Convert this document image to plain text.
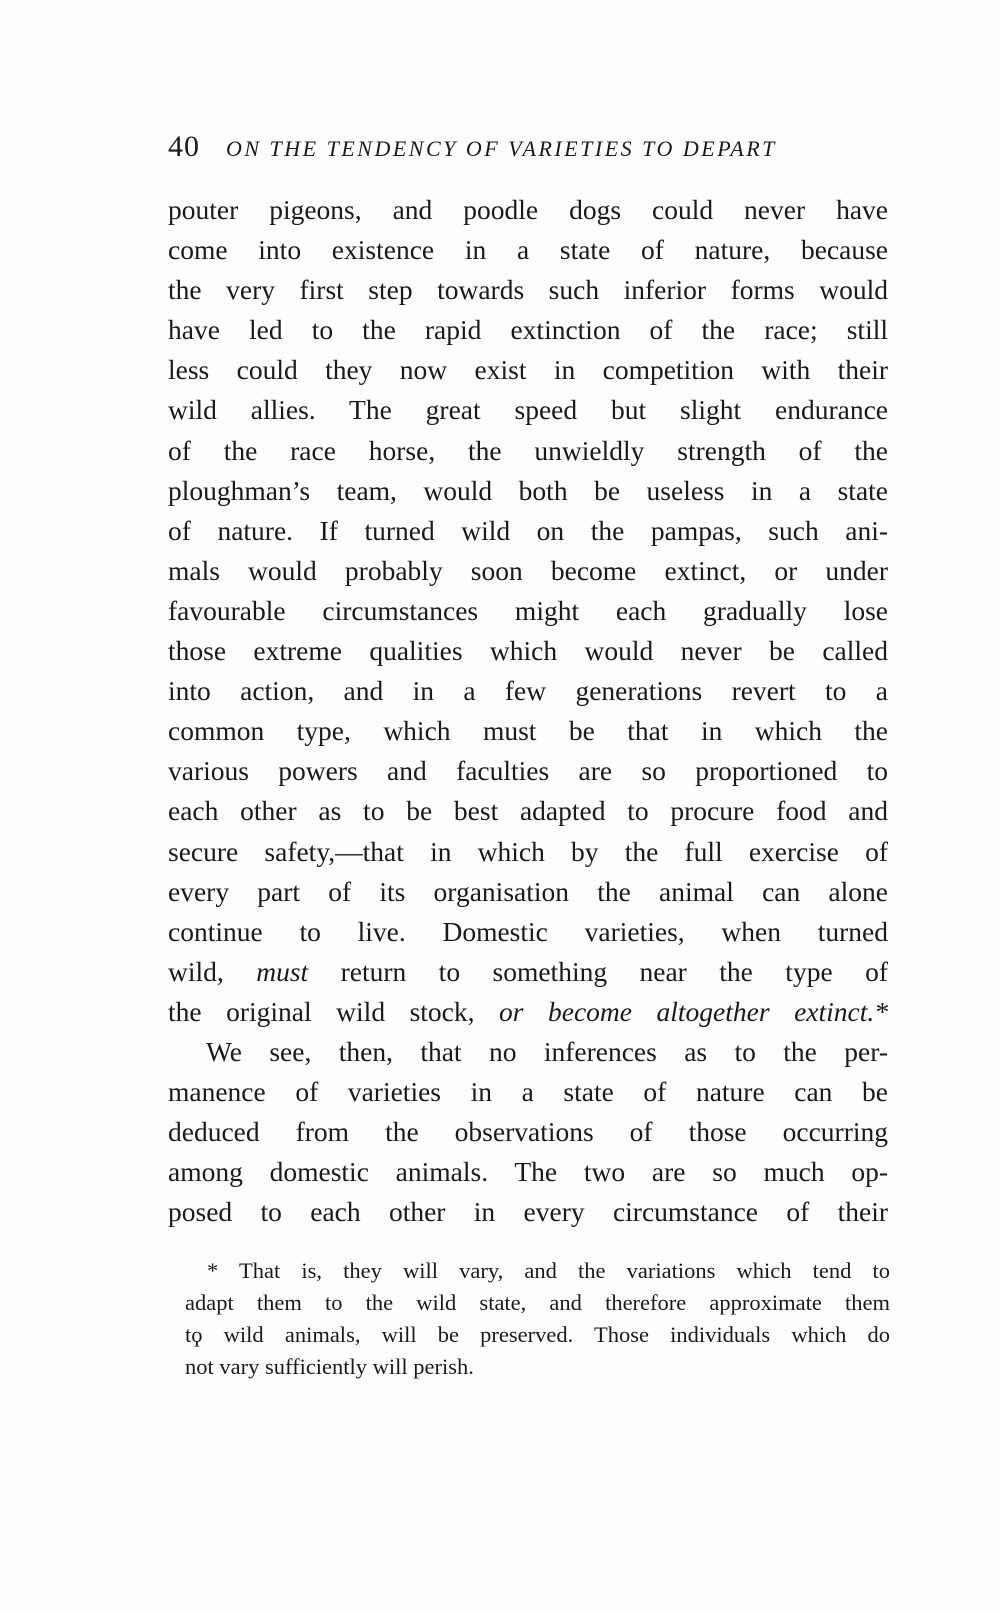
40 ON THE TENDENCY OF VARIETIES TO DEPART
pouter pigeons, and poodle dogs could never have
come into existence in a state of nature, because
the very first step towards such inferior forms would
have led to the rapid extinction of the race; still
less could they now exist in competition with their
wild allies. The great speed but slight endurance
of the race horse, the unwieldly strength of the
ploughman’s team, would both be useless in a state
of nature. If turned wild on the pampas, such ani-
mals would probably soon become extinct, or under
favourable circumstances might each gradually lose
those extreme qualities which would never be called
into action, and in a few generations revert to a
common type, which must be that in which the
various powers and faculties are so proportioned to
each other as to be best adapted to procure food and
secure safety,—that in which by the full exercise of
every part of its organisation the animal can alone
continue to live. Domestic varieties, when turned
wild, must return to something near the type of
the original wild stock, or become altogether extinct.*
We see, then, that no inferences as to the per-
manence of varieties in a state of nature can be
deduced from the observations of those occurring
among domestic animals. The two are so much op-
posed to each other in every circumstance of their
* That is, they will vary, and the variations which tend to
adapt them to the wild state, and therefore approximate them
tϙ wild animals, will be preserved. Those individuals which do
not vary sufficiently will perish.
